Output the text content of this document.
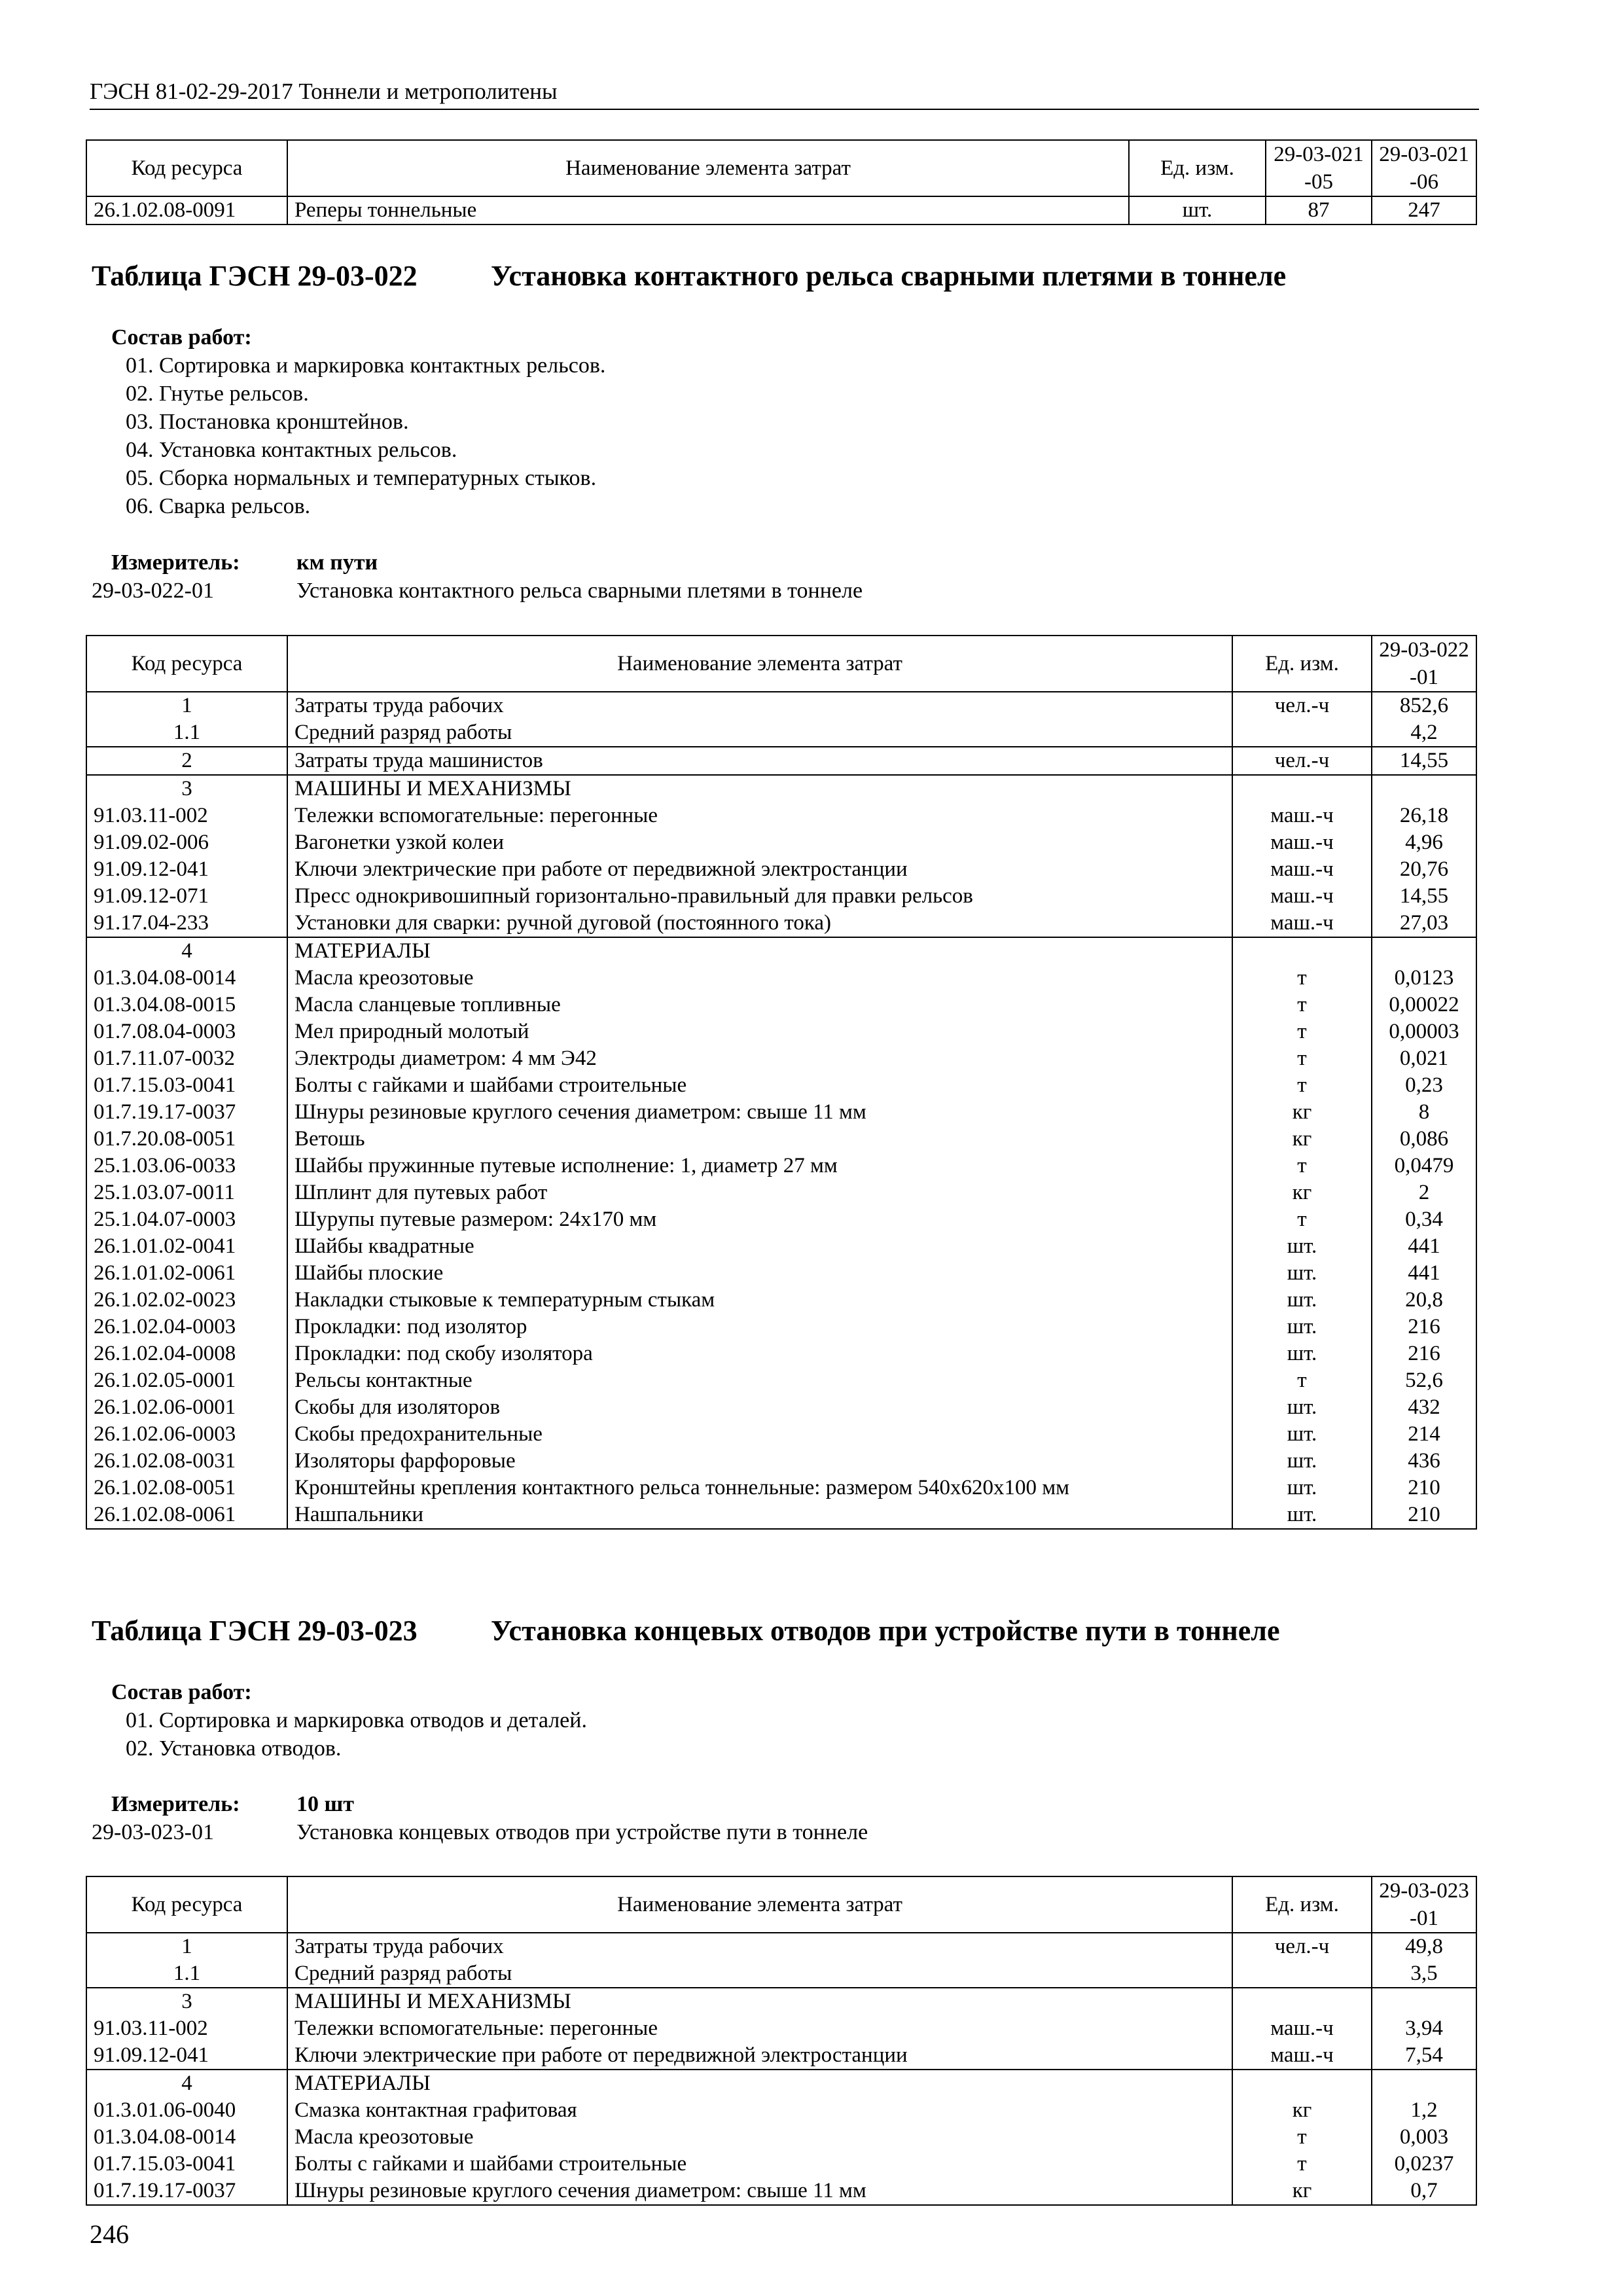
ГЭСН 81-02-29-2017 Тоннели и метрополитены
Код ресурса	Наименование элемента затрат	Ед. изм.	29-03-021-05	29-03-021-06
26.1.02.08-0091	Реперы тоннельные	шт.	87	247
Таблица ГЭСН 29-03-022	Установка контактного рельса сварными плетями в тоннеле
Состав работ:
01. Сортировка и маркировка контактных рельсов.
02. Гнутье рельсов.
03. Постановка кронштейнов.
04. Установка контактных рельсов.
05. Сборка нормальных и температурных стыков.
06. Сварка рельсов.
Измеритель:	км пути
29-03-022-01	Установка контактного рельса сварными плетями в тоннеле
Код ресурса	Наименование элемента затрат	Ед. изм.	29-03-022-01
1	Затраты труда рабочих	чел.-ч	852,6
1.1	Средний разряд работы		4,2
2	Затраты труда машинистов	чел.-ч	14,55
3	МАШИНЫ И МЕХАНИЗМЫ		
91.03.11-002	Тележки вспомогательные: перегонные	маш.-ч	26,18
91.09.02-006	Вагонетки узкой колеи	маш.-ч	4,96
91.09.12-041	Ключи электрические при работе от передвижной электростанции	маш.-ч	20,76
91.09.12-071	Пресс однокривошипный горизонтально-правильный для правки рельсов	маш.-ч	14,55
91.17.04-233	Установки для сварки: ручной дуговой (постоянного тока)	маш.-ч	27,03
4	МАТЕРИАЛЫ		
01.3.04.08-0014	Масла креозотовые	т	0,0123
01.3.04.08-0015	Масла сланцевые топливные	т	0,00022
01.7.08.04-0003	Мел природный молотый	т	0,00003
01.7.11.07-0032	Электроды диаметром: 4 мм Э42	т	0,021
01.7.15.03-0041	Болты с гайками и шайбами строительные	т	0,23
01.7.19.17-0037	Шнуры резиновые круглого сечения диаметром: свыше 11 мм	кг	8
01.7.20.08-0051	Ветошь	кг	0,086
25.1.03.06-0033	Шайбы пружинные путевые исполнение: 1, диаметр 27 мм	т	0,0479
25.1.03.07-0011	Шплинт для путевых работ	кг	2
25.1.04.07-0003	Шурупы путевые размером: 24х170 мм	т	0,34
26.1.01.02-0041	Шайбы квадратные	шт.	441
26.1.01.02-0061	Шайбы плоские	шт.	441
26.1.02.02-0023	Накладки стыковые к температурным стыкам	шт.	20,8
26.1.02.04-0003	Прокладки: под изолятор	шт.	216
26.1.02.04-0008	Прокладки: под скобу изолятора	шт.	216
26.1.02.05-0001	Рельсы контактные	т	52,6
26.1.02.06-0001	Скобы для изоляторов	шт.	432
26.1.02.06-0003	Скобы предохранительные	шт.	214
26.1.02.08-0031	Изоляторы фарфоровые	шт.	436
26.1.02.08-0051	Кронштейны крепления контактного рельса тоннельные: размером 540х620х100 мм	шт.	210
26.1.02.08-0061	Нашпальники	шт.	210
Таблица ГЭСН 29-03-023	Установка концевых отводов при устройстве пути в тоннеле
Состав работ:
01. Сортировка и маркировка отводов и деталей.
02. Установка отводов.
Измеритель:	10 шт
29-03-023-01	Установка концевых отводов при устройстве пути в тоннеле
Код ресурса	Наименование элемента затрат	Ед. изм.	29-03-023-01
1	Затраты труда рабочих	чел.-ч	49,8
1.1	Средний разряд работы		3,5
3	МАШИНЫ И МЕХАНИЗМЫ		
91.03.11-002	Тележки вспомогательные: перегонные	маш.-ч	3,94
91.09.12-041	Ключи электрические при работе от передвижной электростанции	маш.-ч	7,54
4	МАТЕРИАЛЫ		
01.3.01.06-0040	Смазка контактная графитовая	кг	1,2
01.3.04.08-0014	Масла креозотовые	т	0,003
01.7.15.03-0041	Болты с гайками и шайбами строительные	т	0,0237
01.7.19.17-0037	Шнуры резиновые круглого сечения диаметром: свыше 11 мм	кг	0,7
246
